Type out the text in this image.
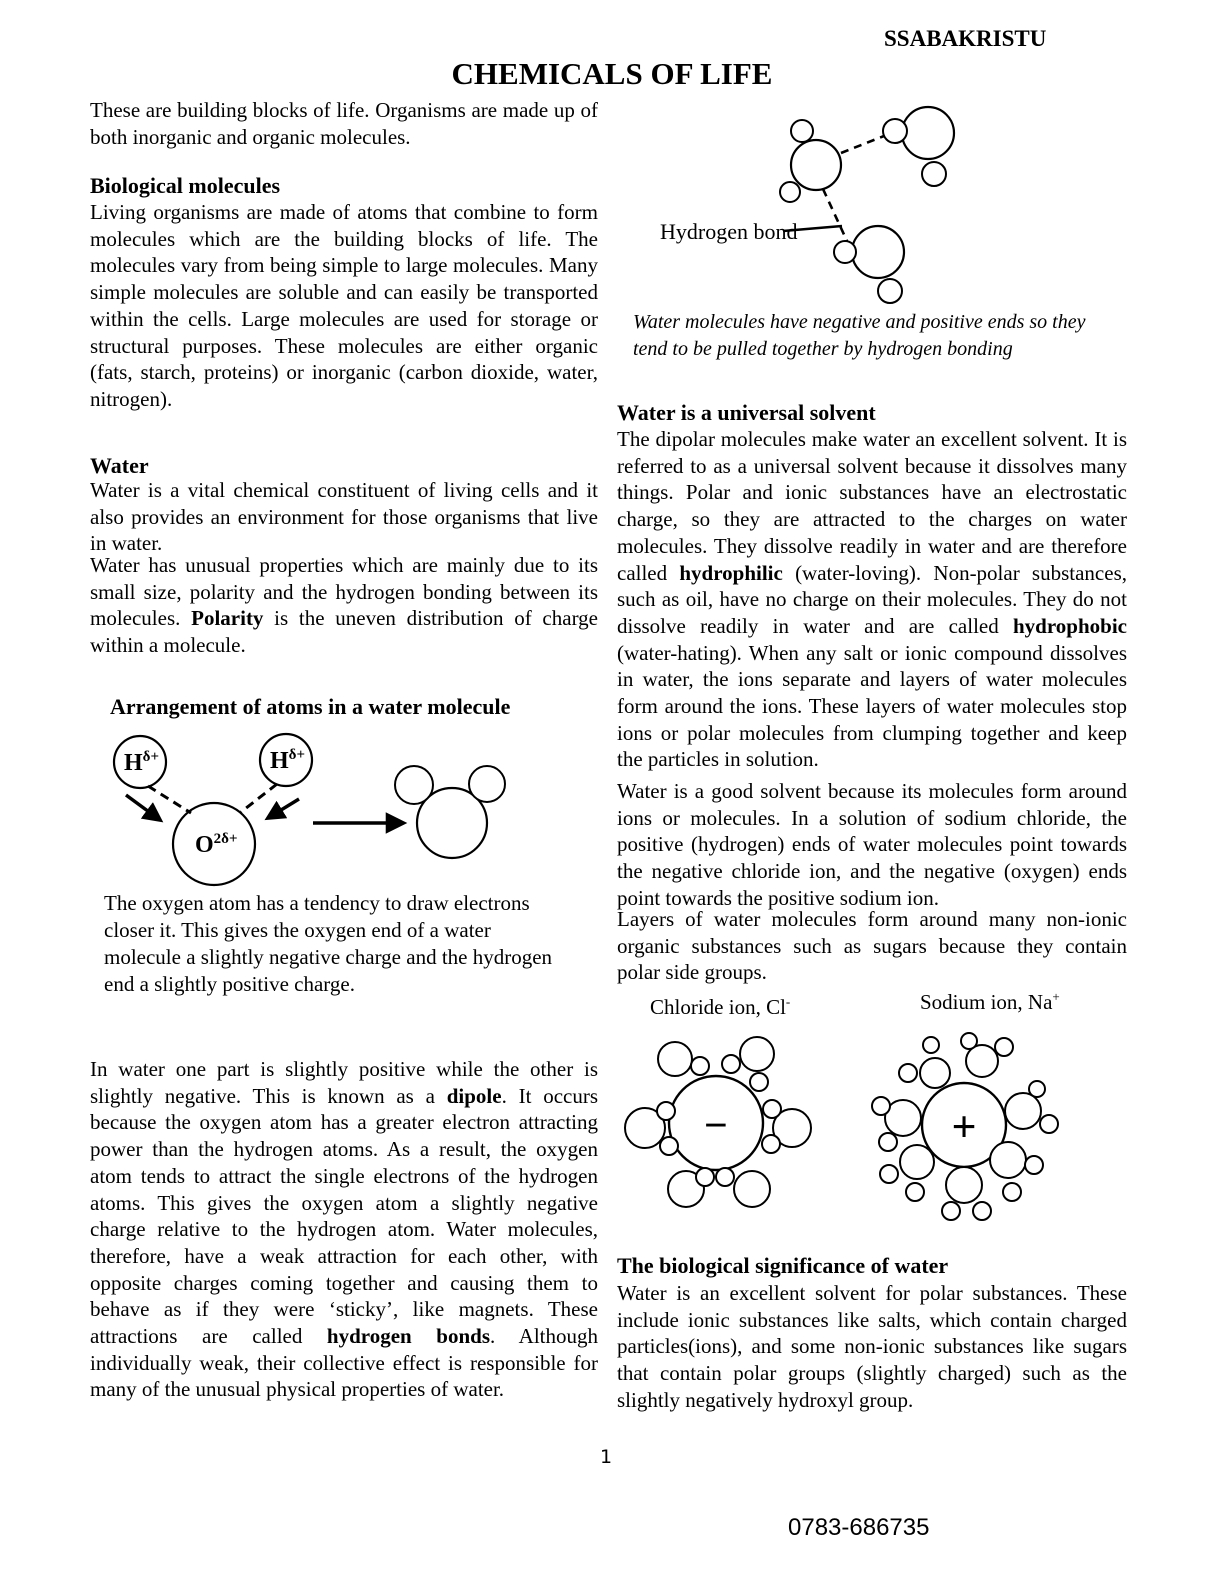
SSABAKRISTU
CHEMICALS OF LIFE
These are building blocks of life. Organisms are made up of both inorganic and organic molecules.
Biological molecules
Living organisms are made of atoms that combine to form molecules which are the building blocks of life. The molecules vary from being simple to large molecules. Many simple molecules are soluble and can easily be transported within the cells. Large molecules are used for storage or structural purposes. These molecules are either organic (fats, starch, proteins) or inorganic (carbon dioxide, water, nitrogen).
Water
Water is a vital chemical constituent of living cells and it also provides an environment for those organisms that live in water.
Water has unusual properties which are mainly due to its small size, polarity and the hydrogen bonding between its molecules. Polarity is the uneven distribution of charge within a molecule.
Arrangement of atoms in a water molecule
$H^{\delta+}$	$H^{\delta+}$
$O^{2\delta+}$
The oxygen atom has a tendency to draw electrons closer it. This gives the oxygen end of a water molecule a slightly negative charge and the hydrogen end a slightly positive charge.
In water one part is slightly positive while the other is slightly negative. This is known as a dipole. It occurs because the oxygen atom has a greater electron attracting power than the hydrogen atoms. As a result, the oxygen atom tends to attract the single electrons of the hydrogen atoms. This gives the oxygen atom a slightly negative charge relative to the hydrogen atom. Water molecules, therefore, have a weak attraction for each other, with opposite charges coming together and causing them to behave as if they were ‘sticky’, like magnets. These attractions are called hydrogen bonds. Although individually weak, their collective effect is responsible for many of the unusual physical properties of water.
Hydrogen bond
Water molecules have negative and positive ends so they tend to be pulled together by hydrogen bonding
Water is a universal solvent
The dipolar molecules make water an excellent solvent. It is referred to as a universal solvent because it dissolves many things. Polar and ionic substances have an electrostatic charge, so they are attracted to the charges on water molecules. They dissolve readily in water and are therefore called hydrophilic (water-loving). Non-polar substances, such as oil, have no charge on their molecules. They do not dissolve readily in water and are called hydrophobic (water-hating). When any salt or ionic compound dissolves in water, the ions separate and layers of water molecules form around the ions. These layers of water molecules stop ions or polar molecules from clumping together and keep the particles in solution.
Water is a good solvent because its molecules form around ions or molecules. In a solution of sodium chloride, the positive (hydrogen) ends of water molecules point towards the negative chloride ion, and the negative (oxygen) ends point towards the positive sodium ion.
Layers of water molecules form around many non-ionic organic substances such as sugars because they contain polar side groups.
Chloride ion, Cl-	Sodium ion, Na+
−	+
The biological significance of water
Water is an excellent solvent for polar substances. These include ionic substances like salts, which contain charged particles(ions), and some non-ionic substances like sugars that contain polar groups (slightly charged) such as the slightly negatively hydroxyl group.
1
0783-686735
